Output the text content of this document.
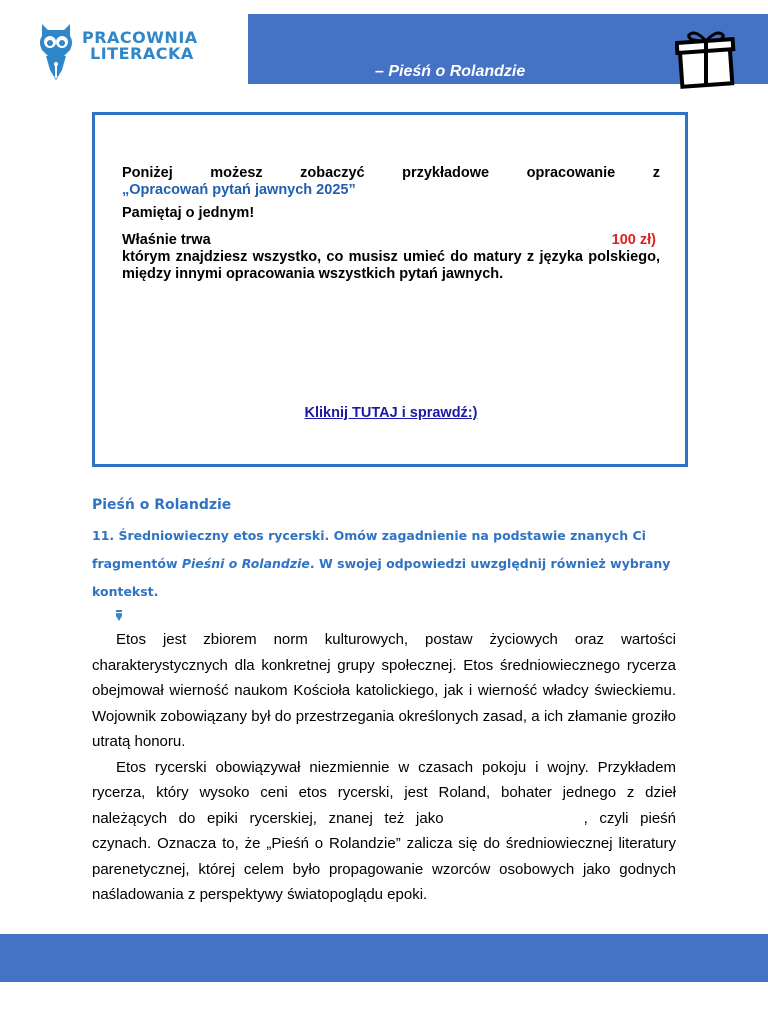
PRACOWNIA
LITERACKA
– Pieśń o Rolandzie
Poniżej możesz zobaczyć przykładowe opracowanie z
„Opracowań pytań jawnych 2025”
Pamiętaj o jednym!
Właśnie trwa	100 zł)
którym znajdziesz wszystko, co musisz umieć do matury z języka polskiego, między innymi opracowania wszystkich pytań jawnych.
Kliknij TUTAJ i sprawdź:)
Pieśń o Rolandzie
11. Średniowieczny etos rycerski. Omów zagadnienie na podstawie znanych Ci fragmentów Pieśni o Rolandzie. W swojej odpowiedzi uwzględnij również wybrany kontekst.

Etos jest zbiorem norm kulturowych, postaw życiowych oraz wartości charakterystycznych dla konkretnej grupy społecznej. Etos średniowiecznego rycerza obejmował wierność naukom Kościoła katolickiego, jak i wierność władcy świeckiemu. Wojownik zobowiązany był do przestrzegania określonych zasad, a ich złamanie groziło utratą honoru.

Etos rycerski obowiązywał niezmiennie w czasach pokoju i wojny. Przykładem rycerza, który wysoko ceni etos rycerski, jest Roland, bohater jednego z dzieł należących do epiki rycerskiej, znanej też jako	, czyli pieśń czynach. Oznacza to, że „Pieśń o Rolandzie” zalicza się do średniowiecznej literatury parenetycznej, której celem było propagowanie wzorców osobowych jako godnych naśladowania z perspektywy światopoglądu epoki.
